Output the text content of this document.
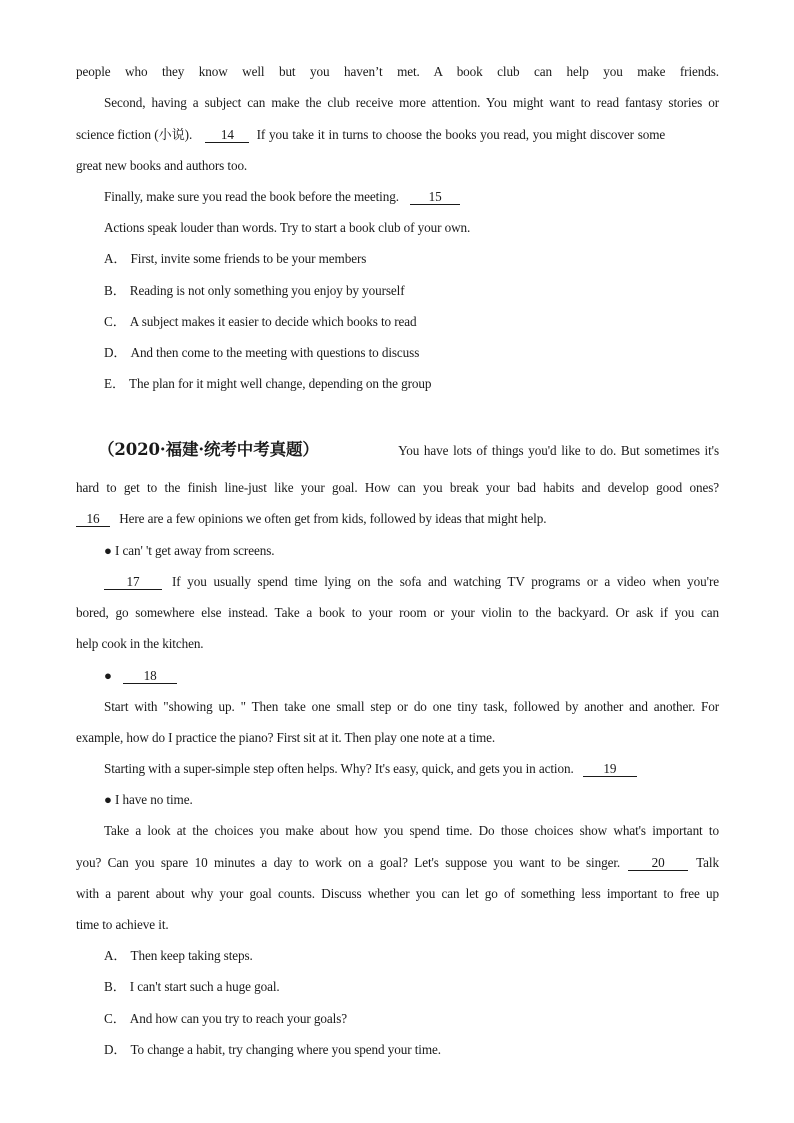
people who they know well but you haven’t met. A book club can help you make friends.
Second, having a subject can make the club receive more attention. You might want to read fantasy stories or
science fiction (小说). 14 If you take it in turns to choose the books you read, you might discover some
great new books and authors too.
Finally, make sure you read the book before the meeting. 15
Actions speak louder than words. Try to start a book club of your own.
A． First, invite some friends to be your members
B． Reading is not only something you enjoy by yourself
C． A subject makes it easier to decide which books to read
D． And then come to the meeting with questions to discuss
E． The plan for it might well change, depending on the group
（2020·福建·统考中考真题）	You have lots of things you'd like to do. But sometimes it's
hard to get to the finish line-just like your goal. How can you break your bad habits and develop good ones?
16 Here are a few opinions we often get from kids, followed by ideas that might help.
● I can' 't get away from screens.
17	If you usually spend time lying on the sofa and watching TV programs or a video when you're
bored, go somewhere else instead. Take a book to your room or your violin to the backyard. Or ask if you can
help cook in the kitchen.
● 18
Start with "showing up. " Then take one small step or do one tiny task, followed by another and another. For
example, how do I practice the piano? First sit at it. Then play one note at a time.
Starting with a super-simple step often helps. Why? It's easy, quick, and gets you in action. 19
● I have no time.
Take a look at the choices you make about how you spend time. Do those choices show what's important to
you? Can you spare 10 minutes a day to work on a goal? Let's suppose you want to be singer.	20	Talk
with a parent about why your goal counts. Discuss whether you can let go of something less important to free up
time to achieve it.
A． Then keep taking steps.
B． I can't start such a huge goal.
C． And how can you try to reach your goals?
D． To change a habit, try changing where you spend your time.
